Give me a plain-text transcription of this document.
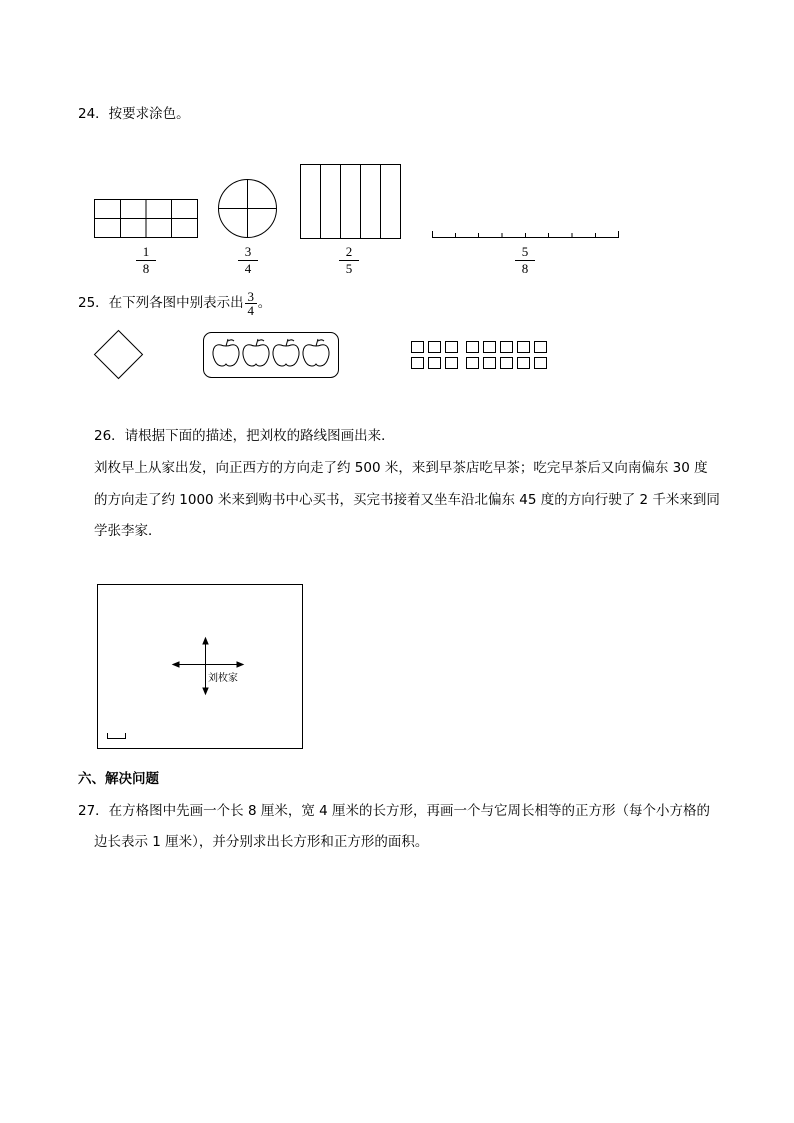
24．按要求涂色。
1
8
3
4
2
5
5
8
25．在下列各图中别表示出 $\frac{3}{4}$ 。
26．请根据下面的描述，把刘枚的路线图画出来．
刘枚早上从家出发，向正西方的方向走了约 500 米，来到早茶店吃早茶；吃完早茶后又向南偏东 30 度
的方向走了约 1000 米来到购书中心买书，买完书接着又坐车沿北偏东 45 度的方向行驶了 2 千米来到同
学张李家．
刘枚家
六、解决问题
27．在方格图中先画一个长 8 厘米，宽 4 厘米的长方形，再画一个与它周长相等的正方形（每个小方格的
边长表示 1 厘米），并分别求出长方形和正方形的面积。
